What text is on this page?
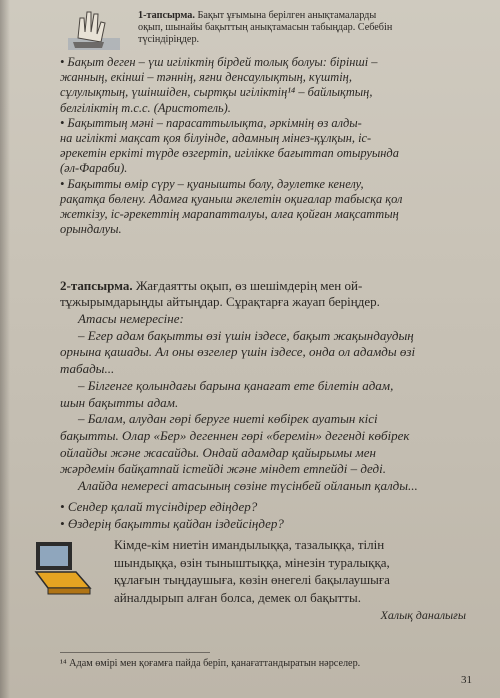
1-тапсырма. Бақыт ұғымына берілген анықтамаларды

оқып, шынайы бақыттың анықтамасын табыңдар. Себебін

түсіндіріңдер.

• Бақыт деген – үш игіліктің бірдей толық болуы: біріншi –

жанның, екіншi – тәннің, яғни денсаулықтың, күштің,

сұлулықтың, үшіншіден, сыртқы игіліктің¹⁴ – байлықтың,

белгіліктің т.с.с. (Аристотель).

• Бақыттың мәні – парасаттылықта, әркімнің өз алды-

на игілікті мақсат қоя білуінде, адамның мінез-құлқын, іс-

әрекетін еркіті түрде өзгертіп, игілікке бағыттап отыруында

(әл-Фараби).

• Бақытты өмір сүру – қуанышты болу, дәулетке кенелу,

рақатқа бөлену. Адамға қуаныш әкелетін оқиғалар табысқа қол

жеткізу, іс-әрекеттің марапатталуы, алға қойған мақсаттың

орындалуы.

2-тапсырма. Жағдаятты оқып, өз шешімдерің мен ой-

тұжырымдарыңды айтыңдар. Сұрақтарға жауап беріңдер.

Атасы немересіне:

– Егер адам бақытты өзі үшін іздесе, бақыт жақындаудың

орнына қашады. Ал оны өзгелер үшін іздесе, онда ол адамды өзі

табады...

– Білгенге қолындағы барына қанағат ете білетін адам,

шын бақытты адам.

– Балам, алудан гөрі беруге ниеті көбірек ауатын кісі

бақытты. Олар «Бер» дегеннен гөрі «беремін» дегенді көбірек

ойлайды және жасайды. Ондай адамдар қайырымы мен

жәрдемін байқатпай істейді және міндет етпейді – деді.

Алайда немересі атасының сөзіне түсінбей ойланып қалды...

• Сендер қалай түсіндірер едіңдер?

• Өздерің бақытты қайдан іздейсіңдер?

Кімде-кім ниетін имандылыққа, тазалыққа, тілін

шындыққа, өзін тыныштыққа, мінезін туралыққа,

құлағын тыңдаушыға, көзін өнегелі бақылаушыға

айналдырып алған болса, демек ол бақытты.

Халық даналығы

¹⁴ Адам өмірі мен қоғамға пайда беріп, қанағаттандыратын нәрселер.

31
